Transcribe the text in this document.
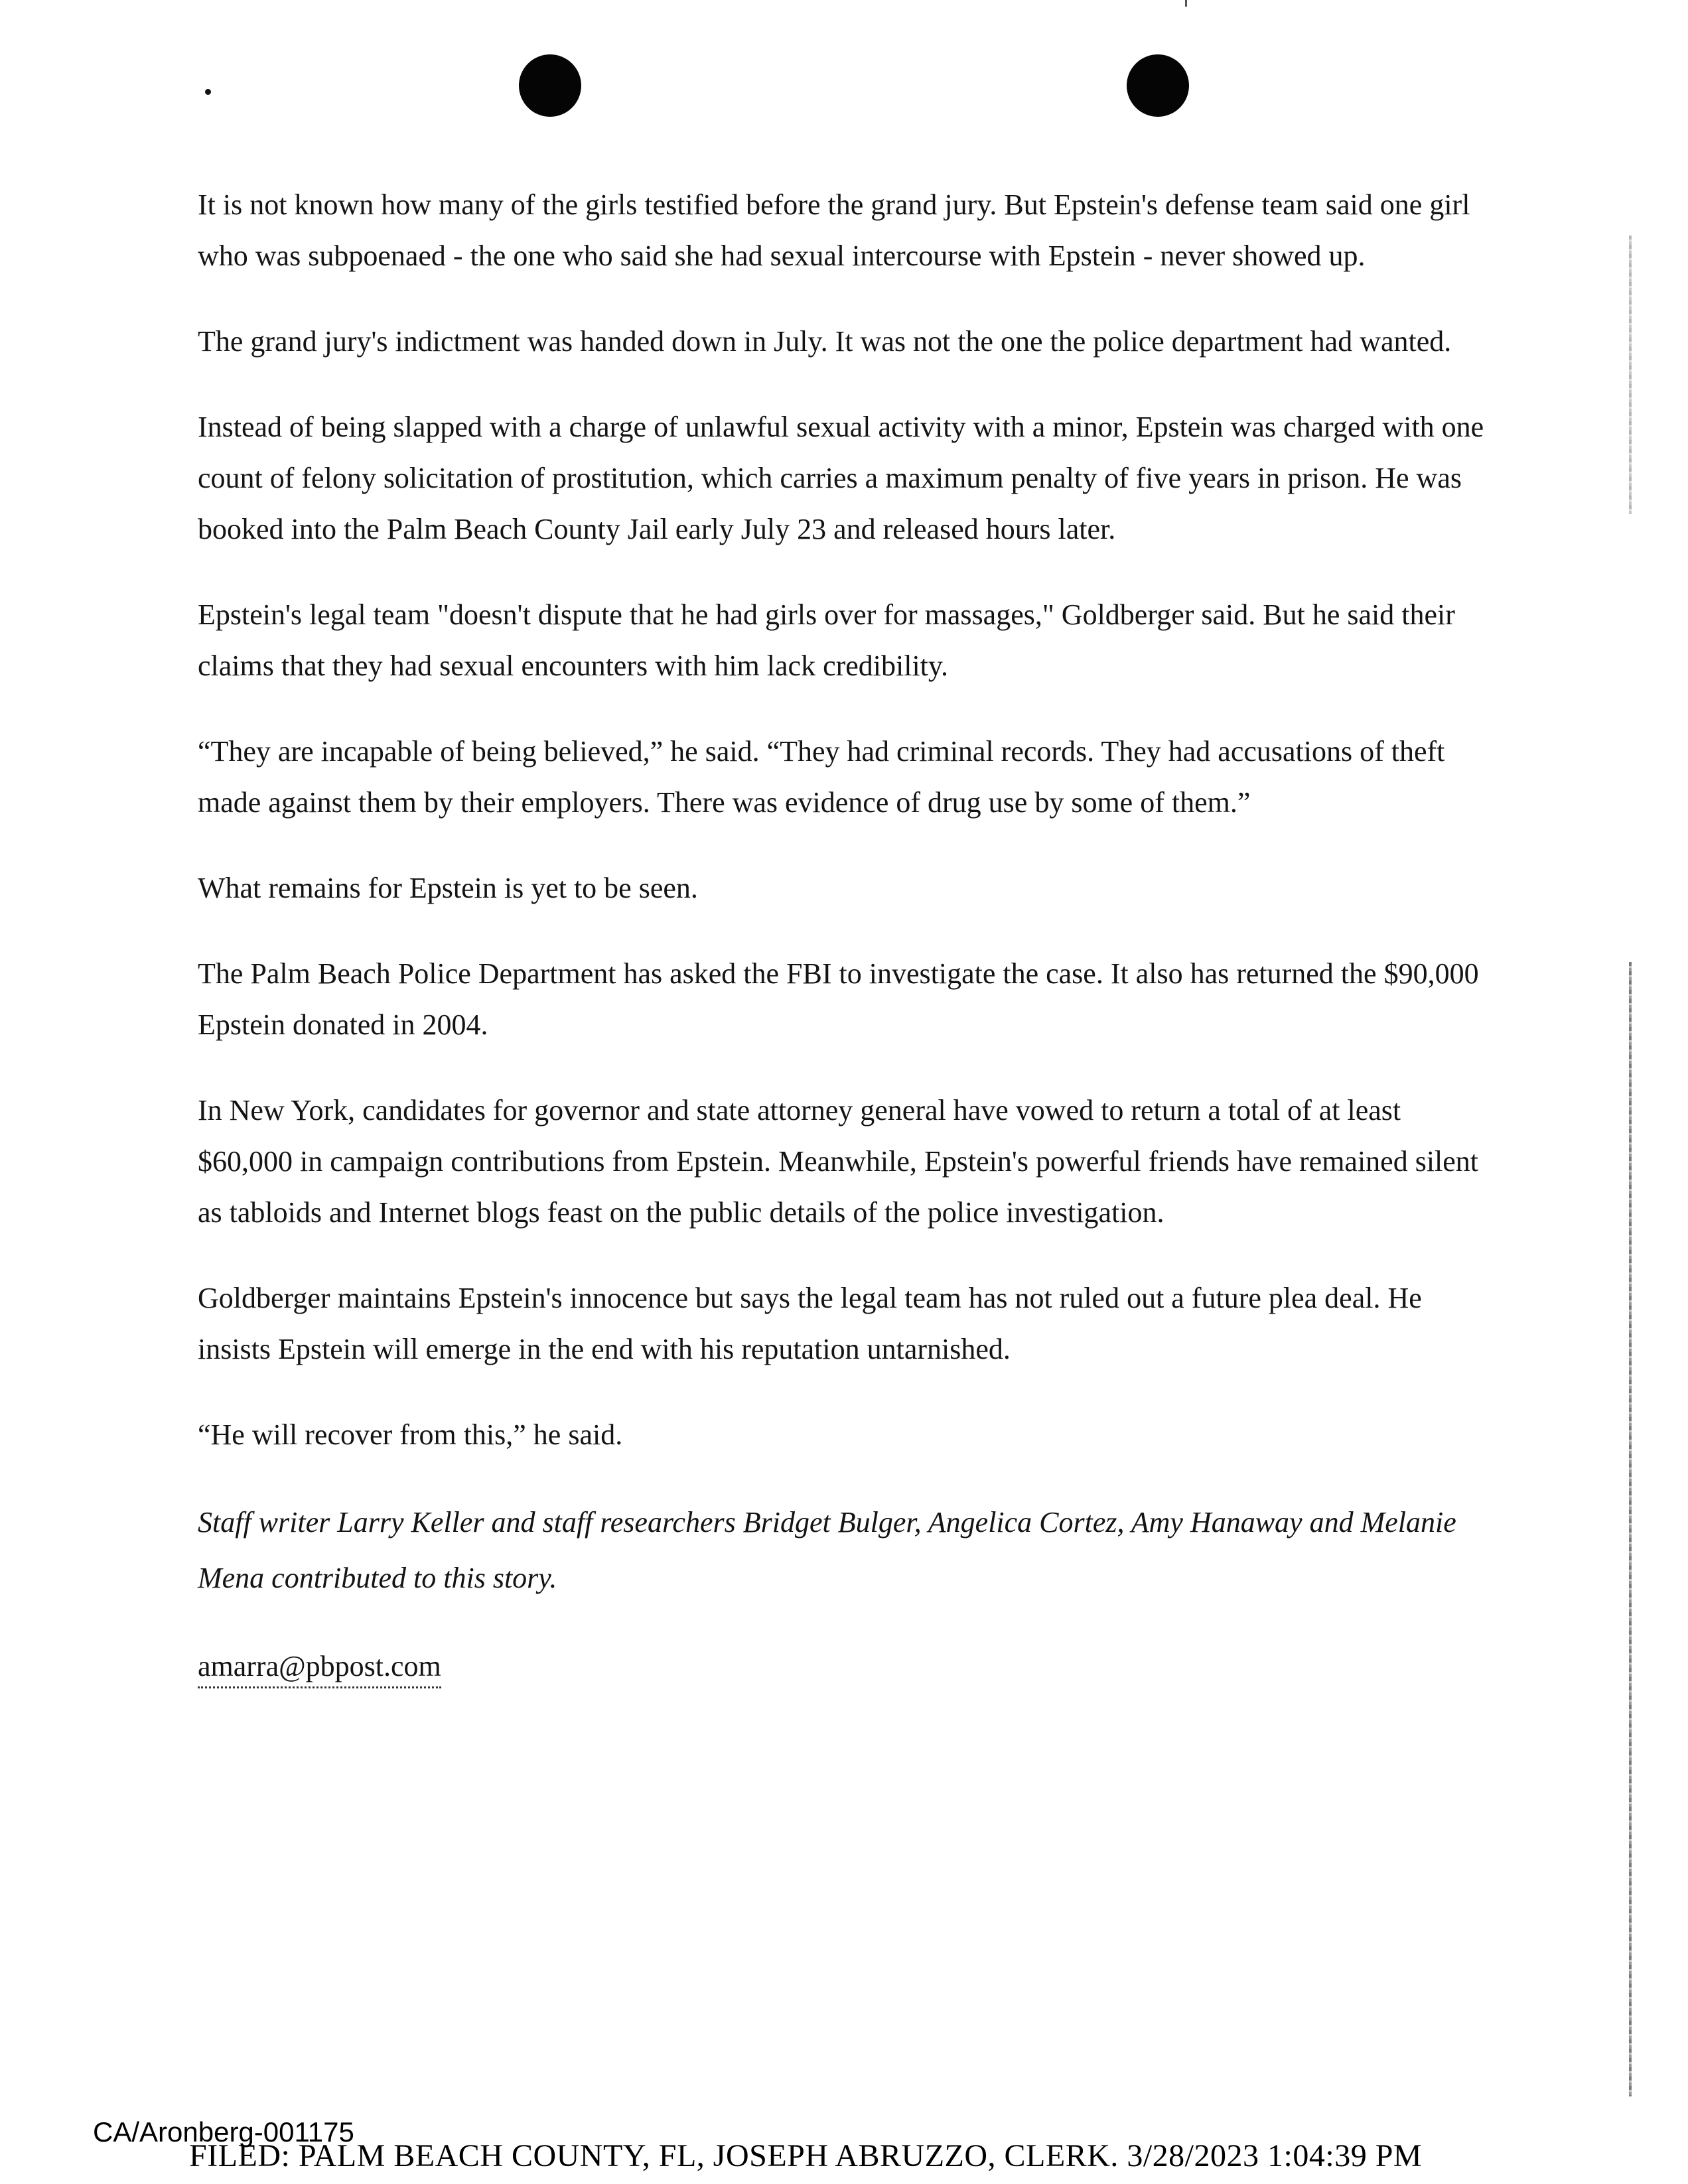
It is not known how many of the girls testified before the grand jury. But Epstein's defense team said one girl who was subpoenaed - the one who said she had sexual intercourse with Epstein - never showed up.

The grand jury's indictment was handed down in July. It was not the one the police department had wanted.

Instead of being slapped with a charge of unlawful sexual activity with a minor, Epstein was charged with one count of felony solicitation of prostitution, which carries a maximum penalty of five years in prison. He was booked into the Palm Beach County Jail early July 23 and released hours later.

Epstein's legal team "doesn't dispute that he had girls over for massages," Goldberger said. But he said their claims that they had sexual encounters with him lack credibility.

“They are incapable of being believed,” he said. “They had criminal records. They had accusations of theft made against them by their employers. There was evidence of drug use by some of them.”

What remains for Epstein is yet to be seen.

The Palm Beach Police Department has asked the FBI to investigate the case. It also has returned the $90,000 Epstein donated in 2004.

In New York, candidates for governor and state attorney general have vowed to return a total of at least $60,000 in campaign contributions from Epstein. Meanwhile, Epstein's powerful friends have remained silent as tabloids and Internet blogs feast on the public details of the police investigation.

Goldberger maintains Epstein's innocence but says the legal team has not ruled out a future plea deal. He insists Epstein will emerge in the end with his reputation untarnished.

“He will recover from this,” he said.

Staff writer Larry Keller and staff researchers Bridget Bulger, Angelica Cortez, Amy Hanaway and Melanie Mena contributed to this story.

amarra@pbpost.com

CA/Aronberg-001175
FILED: PALM BEACH COUNTY, FL, JOSEPH ABRUZZO, CLERK. 3/28/2023 1:04:39 PM
